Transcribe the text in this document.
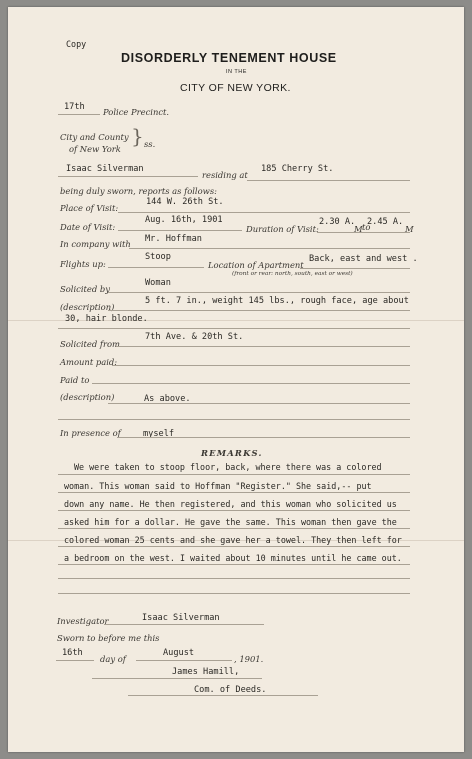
Copy
DISORDERLY TENEMENT HOUSE
IN THE
CITY OF NEW YORK.
17th Police Precinct.
City and County
of New York
} ss.
Isaac Silverman
residing at
185 Cherry St.
being duly sworn, reports as follows:
Place of Visit:
144 W. 26th St.
Date of Visit:
Aug. 16th, 1901
Duration of Visit:
2.30 A.
M to
2.45 A.
M
In company with Mr. Hoffman
Flights up:
Stoop
Location of Apartment
Back, east and west .
(front or rear: north, south, east or west)
Solicited by
Woman
(description)
5 ft. 7 in., weight 145 lbs., rough face, age about
30, hair blonde.
Solicited from
7th Ave. & 20th St.
Amount paid:
Paid to
(description)	As above.
In presence of	myself
REMARKS.
We were taken to stoop floor, back, where there was a colored
woman. This woman said to Hoffman "Register." She said,-- put
down any name. He then registered, and this woman who solicited us
asked him for a dollar. He gave the same. This woman then gave the
colored woman 25 cents and she gave her a towel. They then left for
a bedroom on the west. I waited about 10 minutes until he came out.
Investigator	Isaac Silverman
Sworn to before me this
16th
day of
August
, 1901.
James Hamill,
Com. of Deeds.
